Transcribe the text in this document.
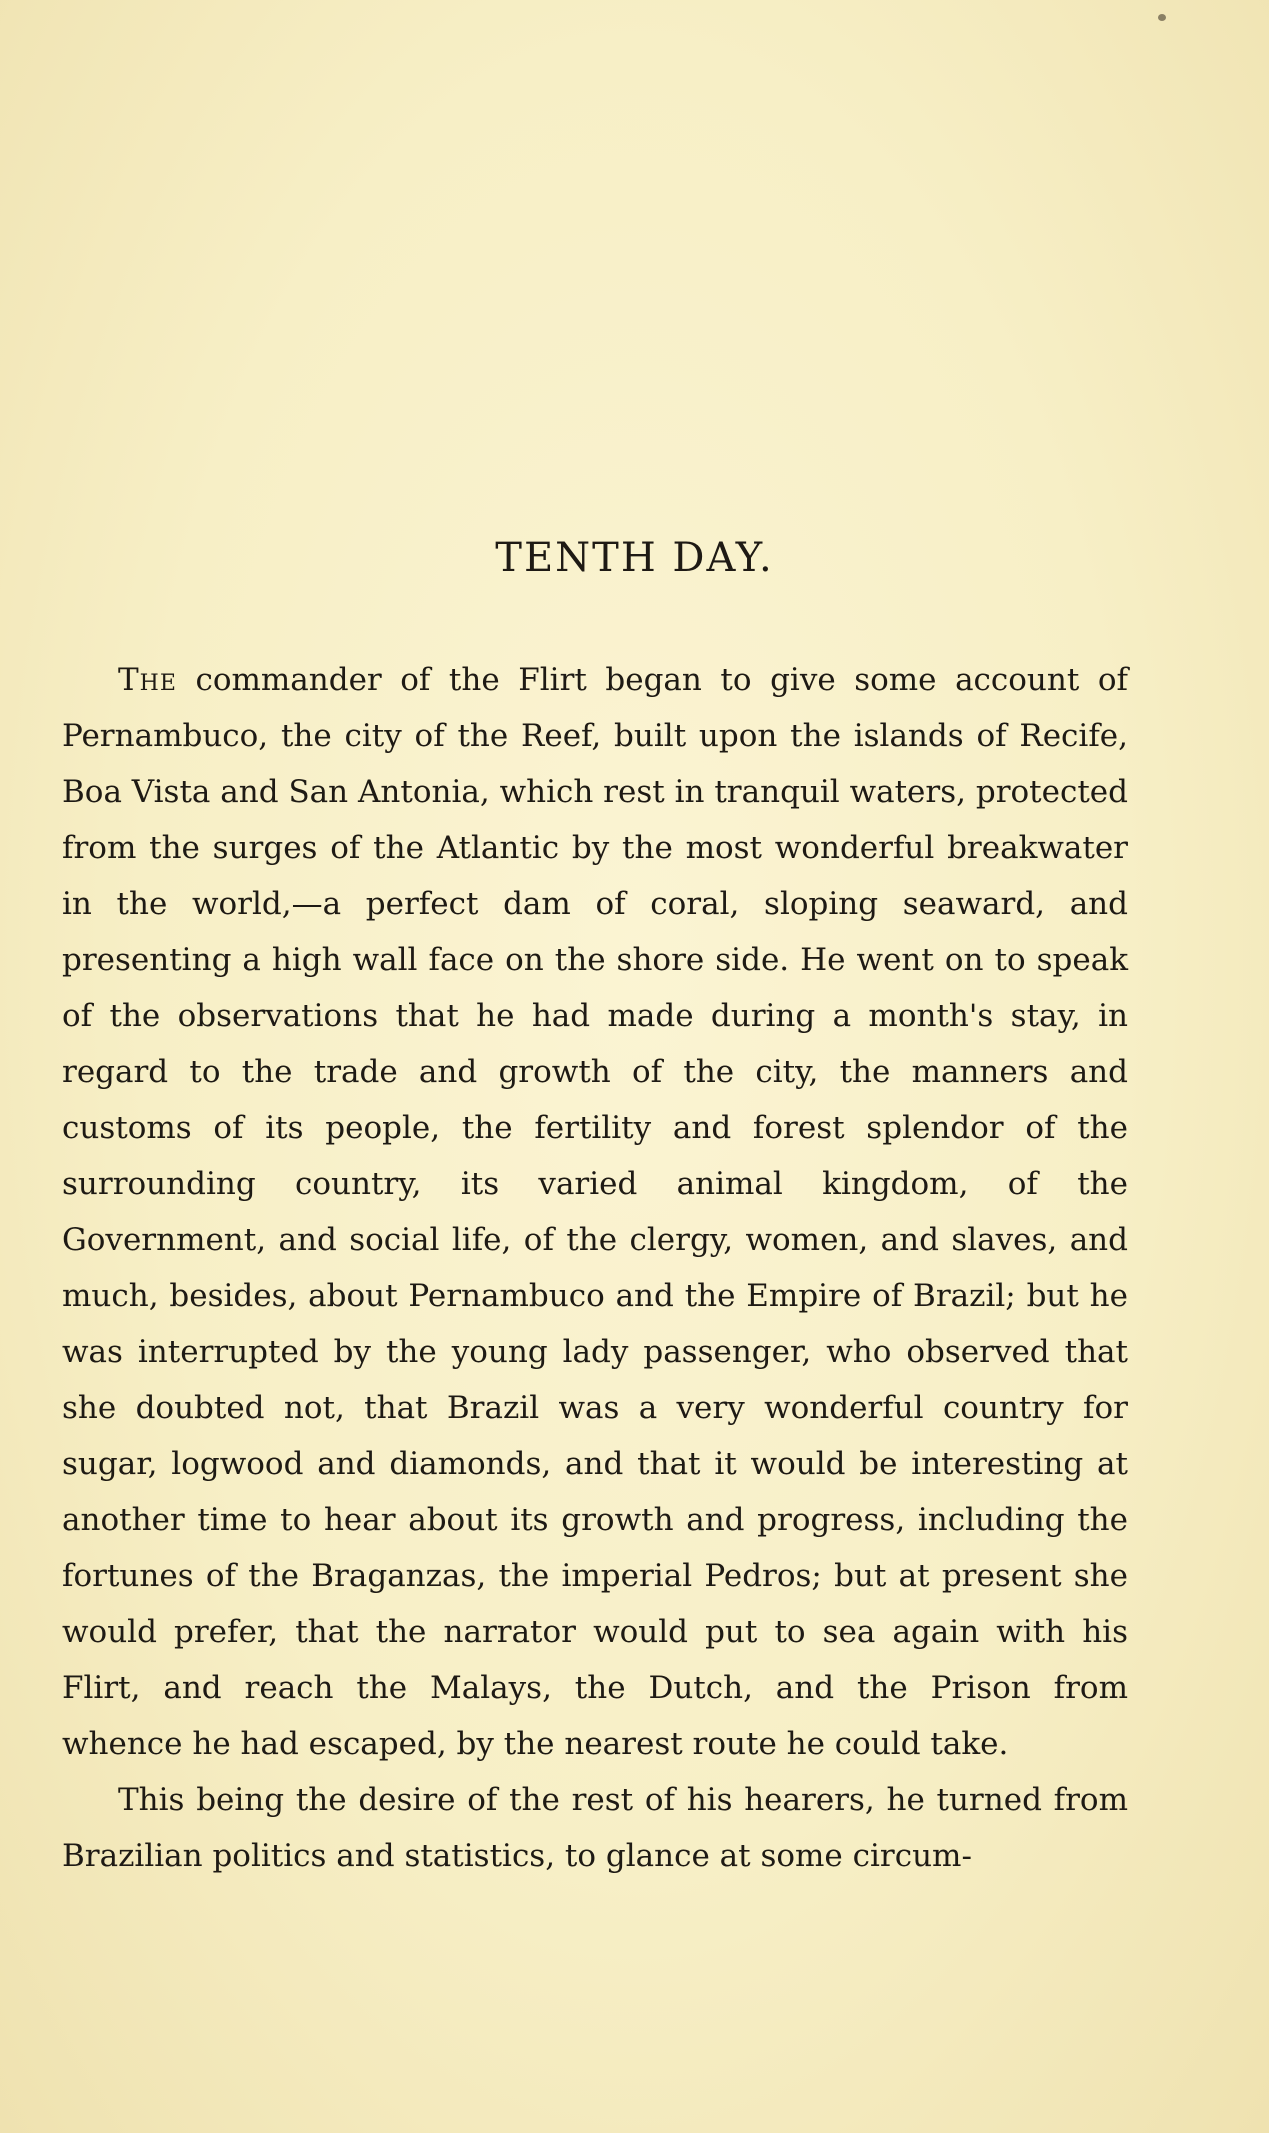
TENTH DAY.

The commander of the Flirt began to give some account of Pernambuco, the city of the Reef, built upon the islands of Recife, Boa Vista and San Antonia, which rest in tranquil waters, protected from the surges of the Atlantic by the most wonderful breakwater in the world,—a perfect dam of coral, sloping seaward, and presenting a high wall face on the shore side. He went on to speak of the observations that he had made during a month's stay, in regard to the trade and growth of the city, the manners and customs of its people, the fertility and forest splendor of the surrounding country, its varied animal kingdom, of the Government, and social life, of the clergy, women, and slaves, and much, besides, about Pernambuco and the Empire of Brazil; but he was interrupted by the young lady passenger, who observed that she doubted not, that Brazil was a very wonderful country for sugar, logwood and diamonds, and that it would be interesting at another time to hear about its growth and progress, including the fortunes of the Braganzas, the imperial Pedros; but at present she would prefer, that the narrator would put to sea again with his Flirt, and reach the Malays, the Dutch, and the Prison from whence he had escaped, by the nearest route he could take.

This being the desire of the rest of his hearers, he turned from Brazilian politics and statistics, to glance at some circum-
